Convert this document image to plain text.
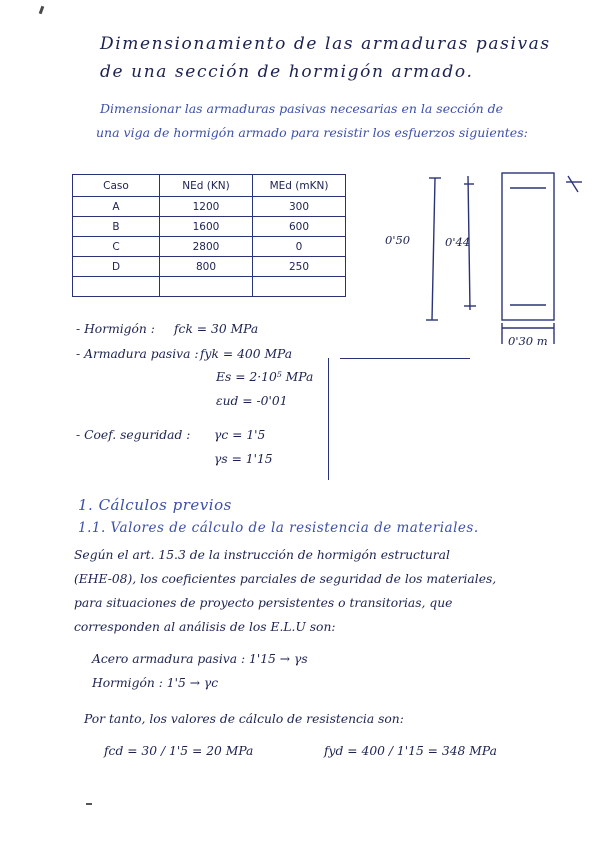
Dimensionamiento de las armaduras pasivas
de una sección de hormigón armado.
Dimensionar las armaduras pasivas necesarias en la sección de
una viga de hormigón armado para resistir los esfuerzos siguientes:
Caso	NEd (KN)	MEd (mKN)
A	1200	300
B	1600	600
C	2800	0
D	800	250

0'50	0'44
0'30 m
- Hormigón : fck = 30 MPa
- Armadura pasiva : fyk = 400 MPa
Es = 2·10⁵ MPa
εud = -0'01
- Coef. seguridad : γc = 1'5
γs = 1'15
1. Cálculos previos
1.1. Valores de cálculo de la resistencia de materiales.
Según el art. 15.3 de la instrucción de hormigón estructural
(EHE-08), los coeficientes parciales de seguridad de los materiales,
para situaciones de proyecto persistentes o transitorias, que
corresponden al análisis de los E.L.U son:
Acero armadura pasiva : 1'15 → γs
Hormigón : 1'5 → γc
Por tanto, los valores de cálculo de resistencia son:
fcd = 30 / 1'5 = 20 MPa	fyd = 400 / 1'15 = 348 MPa
